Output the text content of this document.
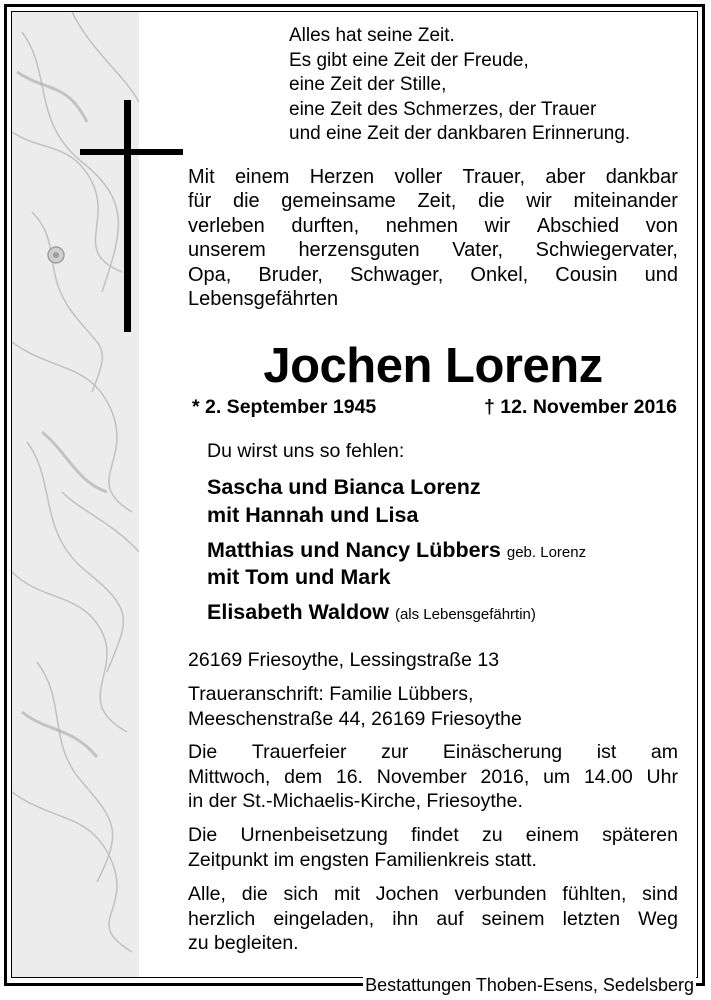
Alles hat seine Zeit.
Es gibt eine Zeit der Freude,
eine Zeit der Stille,
eine Zeit des Schmerzes, der Trauer
und eine Zeit der dankbaren Erinnerung.
Mit einem Herzen voller Trauer, aber dankbar
für die gemeinsame Zeit, die wir miteinander
verleben durften, nehmen wir Abschied von
unserem herzensguten Vater, Schwiegervater,
Opa, Bruder, Schwager, Onkel, Cousin und
Lebensgefährten
Jochen Lorenz
* 2. September 1945	† 12. November 2016
Du wirst uns so fehlen:
Sascha und Bianca Lorenz
mit Hannah und Lisa
Matthias und Nancy Lübbers geb. Lorenz
mit Tom und Mark
Elisabeth Waldow (als Lebensgefährtin)
26169 Friesoythe, Lessingstraße 13
Traueranschrift: Familie Lübbers,
Meeschenstraße 44, 26169 Friesoythe
Die Trauerfeier zur Einäscherung ist am
Mittwoch, dem 16. November 2016, um 14.00 Uhr
in der St.-Michaelis-Kirche, Friesoythe.
Die Urnenbeisetzung findet zu einem späteren
Zeitpunkt im engsten Familienkreis statt.
Alle, die sich mit Jochen verbunden fühlten, sind
herzlich eingeladen, ihn auf seinem letzten Weg
zu begleiten.
Bestattungen Thoben-Esens, Sedelsberg
